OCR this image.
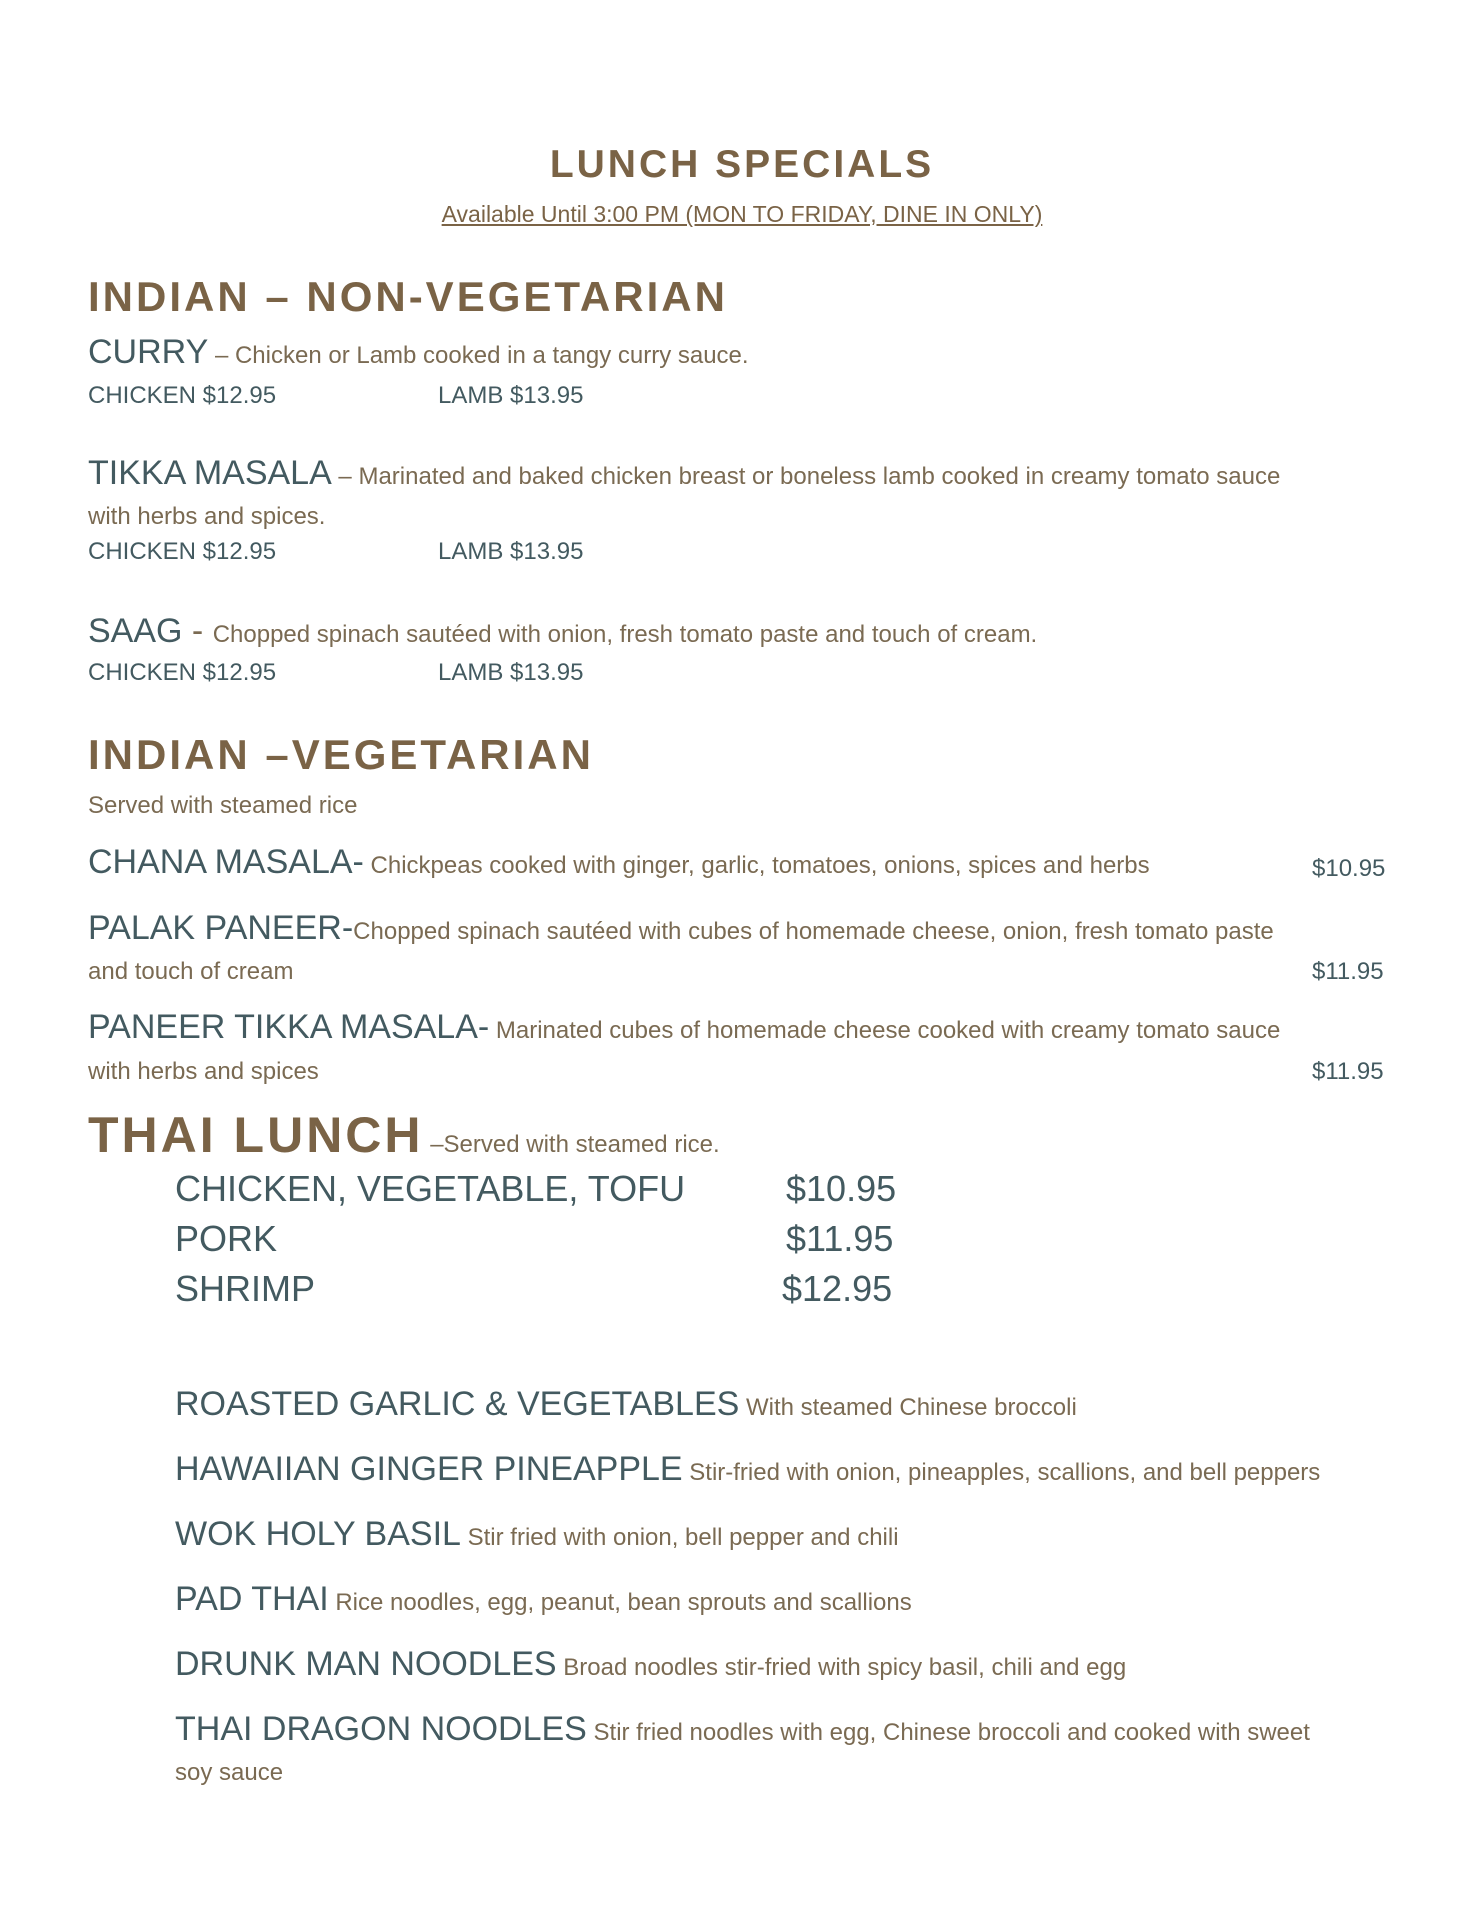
LUNCH SPECIALS
Available Until 3:00 PM (MON TO FRIDAY, DINE IN ONLY)
INDIAN – NON-VEGETARIAN
CURRY – Chicken or Lamb cooked in a tangy curry sauce.
CHICKEN $12.95	LAMB $13.95
TIKKA MASALA – Marinated and baked chicken breast or boneless lamb cooked in creamy tomato sauce
with herbs and spices.
CHICKEN $12.95	LAMB $13.95
SAAG - Chopped spinach sautéed with onion, fresh tomato paste and touch of cream.
CHICKEN $12.95	LAMB $13.95
INDIAN –VEGETARIAN
Served with steamed rice
CHANA MASALA- Chickpeas cooked with ginger, garlic, tomatoes, onions, spices and herbs	$10.95
PALAK PANEER-Chopped spinach sautéed with cubes of homemade cheese, onion, fresh tomato paste
and touch of cream	$11.95
PANEER TIKKA MASALA- Marinated cubes of homemade cheese cooked with creamy tomato sauce
with herbs and spices	$11.95
THAI LUNCH –Served with steamed rice.
CHICKEN, VEGETABLE, TOFU	$10.95
PORK	$11.95
SHRIMP	$12.95
ROASTED GARLIC & VEGETABLES With steamed Chinese broccoli
HAWAIIAN GINGER PINEAPPLE Stir-fried with onion, pineapples, scallions, and bell peppers
WOK HOLY BASIL Stir fried with onion, bell pepper and chili
PAD THAI Rice noodles, egg, peanut, bean sprouts and scallions
DRUNK MAN NOODLES Broad noodles stir-fried with spicy basil, chili and egg
THAI DRAGON NOODLES Stir fried noodles with egg, Chinese broccoli and cooked with sweet
soy sauce
